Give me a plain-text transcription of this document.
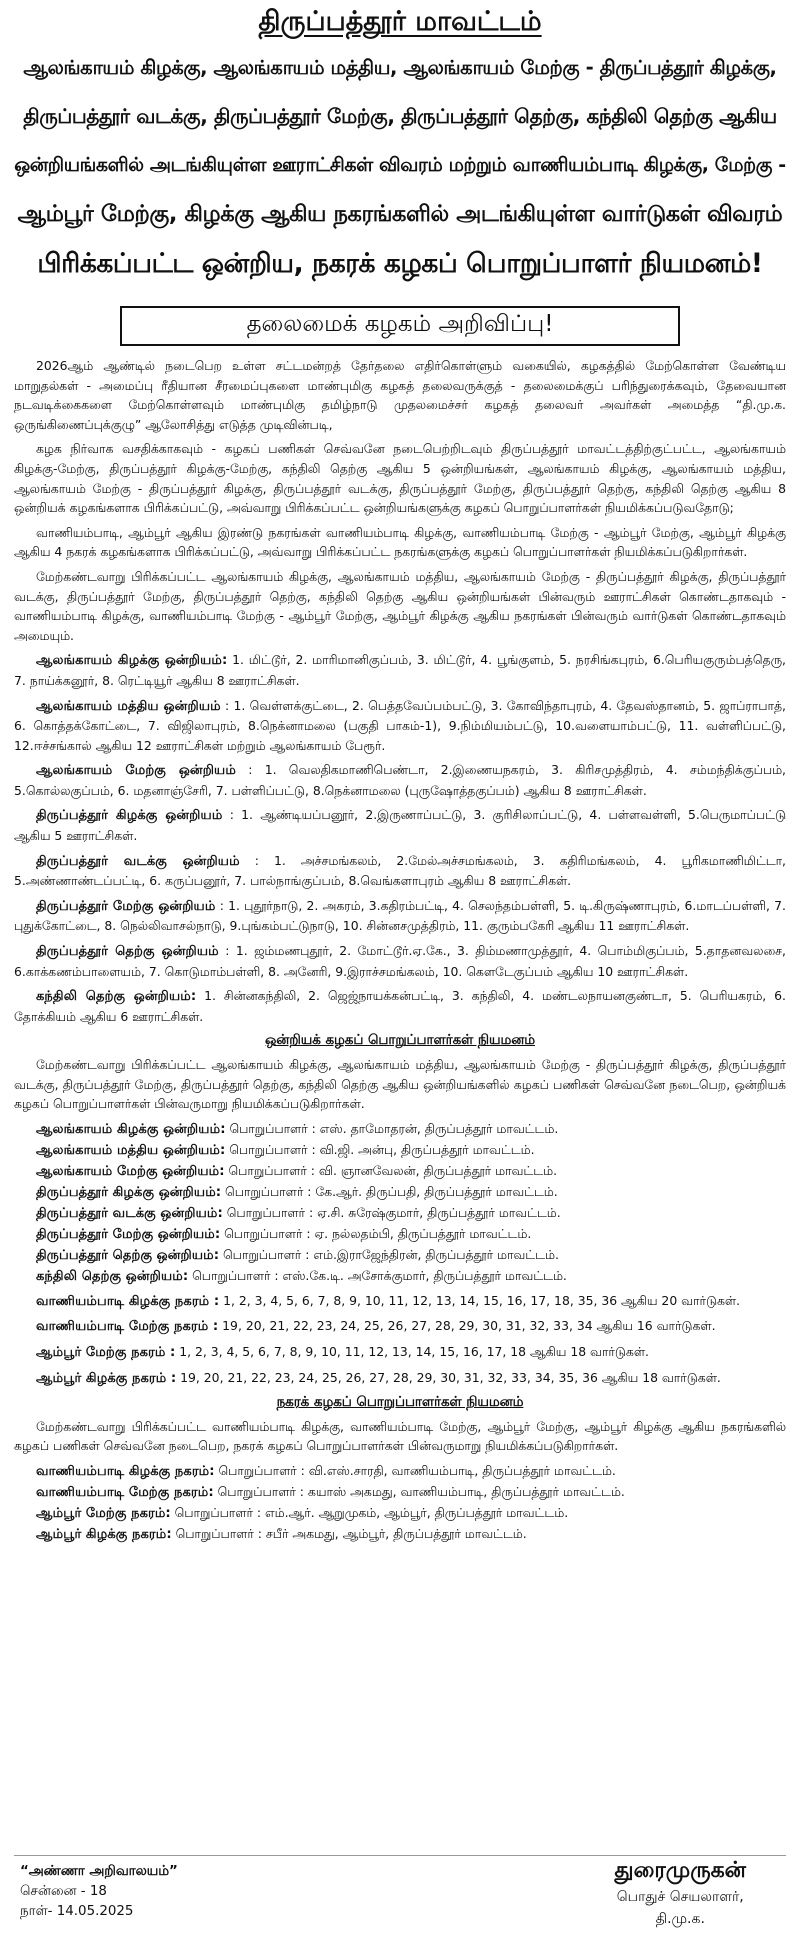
திருப்பத்தூர் மாவட்டம்
ஆலங்காயம் கிழக்கு, ஆலங்காயம் மத்திய, ஆலங்காயம் மேற்கு - திருப்பத்தூர் கிழக்கு,
திருப்பத்தூர் வடக்கு, திருப்பத்தூர் மேற்கு, திருப்பத்தூர் தெற்கு, கந்திலி தெற்கு ஆகிய
ஒன்றியங்களில் அடங்கியுள்ள ஊராட்சிகள் விவரம் மற்றும் வாணியம்பாடி கிழக்கு, மேற்கு -
ஆம்பூர் மேற்கு, கிழக்கு ஆகிய நகரங்களில் அடங்கியுள்ள வார்டுகள் விவரம்
பிரிக்கப்பட்ட ஒன்றிய, நகரக் கழகப் பொறுப்பாளர் நியமனம்!
தலைமைக் கழகம் அறிவிப்பு!

2026ஆம் ஆண்டில் நடைபெற உள்ள சட்டமன்றத் தேர்தலை எதிர்கொள்ளும் வகையில், கழகத்தில் மேற்கொள்ள வேண்டிய மாறுதல்கள் - அமைப்பு ரீதியான சீரமைப்புகளை மாண்புமிகு கழகத் தலைவருக்குத் - தலைமைக்குப் பரிந்துரைக்கவும், தேவையான நடவடிக்கைகளை மேற்கொள்ளவும் மாண்புமிகு தமிழ்நாடு முதலமைச்சர் கழகத் தலைவர் அவர்கள் அமைத்த “தி.மு.க. ஒருங்கிணைப்புக்குழு” ஆலோசித்து எடுத்த முடிவின்படி,

கழக நிர்வாக வசதிக்காகவும் - கழகப் பணிகள் செவ்வனே நடைபெற்றிடவும் திருப்பத்தூர் மாவட்டத்திற்குட்பட்ட, ஆலங்காயம் கிழக்கு-மேற்கு, திருப்பத்தூர் கிழக்கு-மேற்கு, கந்திலி தெற்கு ஆகிய 5 ஒன்றியங்கள், ஆலங்காயம் கிழக்கு, ஆலங்காயம் மத்திய, ஆலங்காயம் மேற்கு - திருப்பத்தூர் கிழக்கு, திருப்பத்தூர் வடக்கு, திருப்பத்தூர் மேற்கு, திருப்பத்தூர் தெற்கு, கந்திலி தெற்கு ஆகிய 8 ஒன்றியக் கழகங்களாக பிரிக்கப்பட்டு, அவ்வாறு பிரிக்கப்பட்ட ஒன்றியங்களுக்கு கழகப் பொறுப்பாளர்கள் நியமிக்கப்படுவதோடு;

வாணியம்பாடி, ஆம்பூர் ஆகிய இரண்டு நகரங்கள் வாணியம்பாடி கிழக்கு, வாணியம்பாடி மேற்கு - ஆம்பூர் மேற்கு, ஆம்பூர் கிழக்கு ஆகிய 4 நகரக் கழகங்களாக பிரிக்கப்பட்டு, அவ்வாறு பிரிக்கப்பட்ட நகரங்களுக்கு கழகப் பொறுப்பாளர்கள் நியமிக்கப்படுகிறார்கள்.

மேற்கண்டவாறு பிரிக்கப்பட்ட ஆலங்காயம் கிழக்கு, ஆலங்காயம் மத்திய, ஆலங்காயம் மேற்கு - திருப்பத்தூர் கிழக்கு, திருப்பத்தூர் வடக்கு, திருப்பத்தூர் மேற்கு, திருப்பத்தூர் தெற்கு, கந்திலி தெற்கு ஆகிய ஒன்றியங்கள் பின்வரும் ஊராட்சிகள் கொண்டதாகவும் - வாணியம்பாடி கிழக்கு, வாணியம்பாடி மேற்கு - ஆம்பூர் மேற்கு, ஆம்பூர் கிழக்கு ஆகிய நகரங்கள் பின்வரும் வார்டுகள் கொண்டதாகவும் அமையும்.

ஆலங்காயம் கிழக்கு ஒன்றியம்: 1. மிட்டூர், 2. மாரிமானிகுப்பம், 3. மிட்டூர், 4. பூங்குளம், 5. நரசிங்கபுரம், 6.பெரியகுரும்பத்தெரு, 7. நாய்க்கனூர், 8. ரெட்டியூர் ஆகிய 8 ஊராட்சிகள்.

ஆலங்காயம் மத்திய ஒன்றியம் : 1. வெள்ளக்குட்டை, 2. பெத்தவேப்பம்பட்டு, 3. கோவிந்தாபுரம், 4. தேவஸ்தானம், 5. ஜாப்ராபாத், 6. கொத்தக்கோட்டை, 7. விஜிலாபுரம், 8.நெக்னாமலை (பகுதி பாகம்-1), 9.நிம்மியம்பட்டு, 10.வளையாம்பட்டு, 11. வள்ளிப்பட்டு, 12.ஈச்சங்கால் ஆகிய 12 ஊராட்சிகள் மற்றும் ஆலங்காயம் பேரூர்.

ஆலங்காயம் மேற்கு ஒன்றியம் : 1. வெலதிகமாணிபெண்டா, 2.இணையநகரம், 3. கிரிசமுத்திரம், 4. சம்மந்திக்குப்பம், 5.கொல்லகுப்பம், 6. மதனாஞ்சேரி, 7. பள்ளிப்பட்டு, 8.நெக்னாமலை (புருஷோத்தகுப்பம்) ஆகிய 8 ஊராட்சிகள்.

திருப்பத்தூர் கிழக்கு ஒன்றியம் : 1. ஆண்டியப்பனூர், 2.இருணாப்பட்டு, 3. குரிசிலாப்பட்டு, 4. பள்ளவள்ளி, 5.பெருமாப்பட்டு ஆகிய 5 ஊராட்சிகள்.

திருப்பத்தூர் வடக்கு ஒன்றியம் : 1. அச்சமங்கலம், 2.மேல்அச்சமங்கலம், 3. கதிரிமங்கலம், 4. பூரிகமாணிமிட்டா, 5.அண்ணாண்டப்பட்டி, 6. கருப்பனூர், 7. பால்நாங்குப்பம், 8.வெங்களாபுரம் ஆகிய 8 ஊராட்சிகள்.

திருப்பத்தூர் மேற்கு ஒன்றியம் : 1. புதூர்நாடு, 2. அகரம், 3.கதிரம்பட்டி, 4. செலந்தம்பள்ளி, 5. டி.கிருஷ்ணாபுரம், 6.மாடப்பள்ளி, 7. புதுக்கோட்டை, 8. நெல்லிவாசல்நாடு, 9.புங்கம்பட்டுநாடு, 10. சின்னசமுத்திரம், 11. குரும்பகேரி ஆகிய 11 ஊராட்சிகள்.

திருப்பத்தூர் தெற்கு ஒன்றியம் : 1. ஜம்மணபுதூர், 2. மோட்டூர்.ஏ.கே., 3. திம்மணாமுத்தூர், 4. பொம்மிகுப்பம், 5.தாதனவலசை, 6.காக்கணம்பாளையம், 7. கொடுமாம்பள்ளி, 8. அனேரி, 9.இராச்சமங்கலம், 10. கௌடேகுப்பம் ஆகிய 10 ஊராட்சிகள்.

கந்திலி தெற்கு ஒன்றியம்: 1. சின்னகந்திலி, 2. ஜெஜ்நாயக்கன்பட்டி, 3. கந்திலி, 4. மண்டலநாயனகுண்டா, 5. பெரியகரம், 6. தோக்கியம் ஆகிய 6 ஊராட்சிகள்.

ஒன்றியக் கழகப் பொறுப்பாளர்கள் நியமனம்

மேற்கண்டவாறு பிரிக்கப்பட்ட ஆலங்காயம் கிழக்கு, ஆலங்காயம் மத்திய, ஆலங்காயம் மேற்கு - திருப்பத்தூர் கிழக்கு, திருப்பத்தூர் வடக்கு, திருப்பத்தூர் மேற்கு, திருப்பத்தூர் தெற்கு, கந்திலி தெற்கு ஆகிய ஒன்றியங்களில் கழகப் பணிகள் செவ்வனே நடைபெற, ஒன்றியக் கழகப் பொறுப்பாளர்கள் பின்வருமாறு நியமிக்கப்படுகிறார்கள்.

ஆலங்காயம் கிழக்கு ஒன்றியம்: பொறுப்பாளர் : எஸ். தாமோதரன், திருப்பத்தூர் மாவட்டம்.
ஆலங்காயம் மத்திய ஒன்றியம்: பொறுப்பாளர் : வி.ஜி. அன்பு, திருப்பத்தூர் மாவட்டம்.
ஆலங்காயம் மேற்கு ஒன்றியம்: பொறுப்பாளர் : வி. ஞானவேலன், திருப்பத்தூர் மாவட்டம்.
திருப்பத்தூர் கிழக்கு ஒன்றியம்: பொறுப்பாளர் : கே.ஆர். திருப்பதி, திருப்பத்தூர் மாவட்டம்.
திருப்பத்தூர் வடக்கு ஒன்றியம்: பொறுப்பாளர் : ஏ.சி. சுரேஷ்குமார், திருப்பத்தூர் மாவட்டம்.
திருப்பத்தூர் மேற்கு ஒன்றியம்: பொறுப்பாளர் : ஏ. நல்லதம்பி, திருப்பத்தூர் மாவட்டம்.
திருப்பத்தூர் தெற்கு ஒன்றியம்: பொறுப்பாளர் : எம்.இராஜேந்திரன், திருப்பத்தூர் மாவட்டம்.
கந்திலி தெற்கு ஒன்றியம்: பொறுப்பாளர் : எஸ்.கே.டி. அசோக்குமார், திருப்பத்தூர் மாவட்டம்.

வாணியம்பாடி கிழக்கு நகரம் : 1, 2, 3, 4, 5, 6, 7, 8, 9, 10, 11, 12, 13, 14, 15, 16, 17, 18, 35, 36 ஆகிய 20 வார்டுகள்.

வாணியம்பாடி மேற்கு நகரம் : 19, 20, 21, 22, 23, 24, 25, 26, 27, 28, 29, 30, 31, 32, 33, 34 ஆகிய 16 வார்டுகள்.

ஆம்பூர் மேற்கு நகரம் : 1, 2, 3, 4, 5, 6, 7, 8, 9, 10, 11, 12, 13, 14, 15, 16, 17, 18 ஆகிய 18 வார்டுகள்.

ஆம்பூர் கிழக்கு நகரம் : 19, 20, 21, 22, 23, 24, 25, 26, 27, 28, 29, 30, 31, 32, 33, 34, 35, 36 ஆகிய 18 வார்டுகள்.

நகரக் கழகப் பொறுப்பாளர்கள் நியமனம்

மேற்கண்டவாறு பிரிக்கப்பட்ட வாணியம்பாடி கிழக்கு, வாணியம்பாடி மேற்கு, ஆம்பூர் மேற்கு, ஆம்பூர் கிழக்கு ஆகிய நகரங்களில் கழகப் பணிகள் செவ்வனே நடைபெற, நகரக் கழகப் பொறுப்பாளர்கள் பின்வருமாறு நியமிக்கப்படுகிறார்கள்.

வாணியம்பாடி கிழக்கு நகரம்: பொறுப்பாளர் : வி.எஸ்.சாரதி, வாணியம்பாடி, திருப்பத்தூர் மாவட்டம்.
வாணியம்பாடி மேற்கு நகரம்: பொறுப்பாளர் : கயாஸ் அகமது, வாணியம்பாடி, திருப்பத்தூர் மாவட்டம்.
ஆம்பூர் மேற்கு நகரம்: பொறுப்பாளர் : எம்.ஆர். ஆறுமுகம், ஆம்பூர், திருப்பத்தூர் மாவட்டம்.
ஆம்பூர் கிழக்கு நகரம்: பொறுப்பாளர் : சபீர் அகமது, ஆம்பூர், திருப்பத்தூர் மாவட்டம்.
“அண்ணா அறிவாலயம்”
சென்னை - 18
நாள்- 14.05.2025
துரைமுருகன்
பொதுச் செயலாளர்,
தி.மு.க.
